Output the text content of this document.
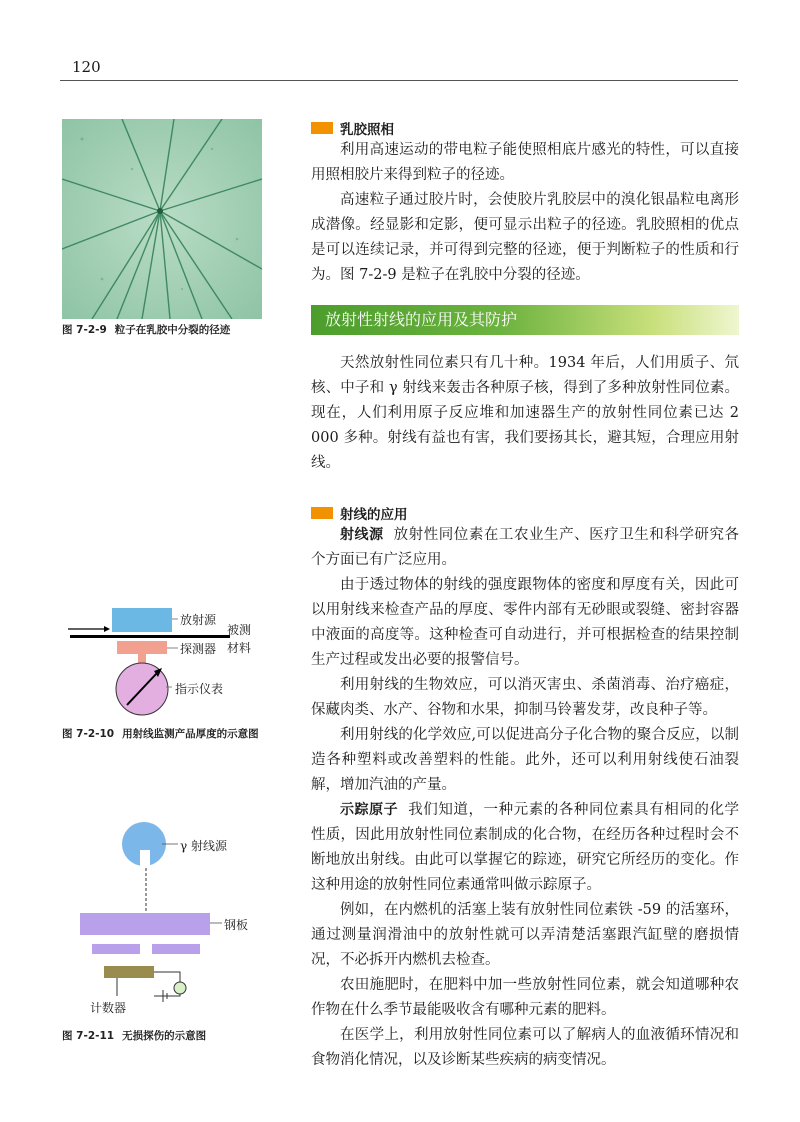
120
图 7-2-9 粒子在乳胶中分裂的径迹
放射源
被测
材料
探测器
指示仪表
图 7-2-10 用射线监测产品厚度的示意图
γ 射线源
钢板
计数器
图 7-2-11 无损探伤的示意图
乳胶照相

利用高速运动的带电粒子能使照相底片感光的特性，可以直接用照相胶片来得到粒子的径迹。

高速粒子通过胶片时，会使胶片乳胶层中的溴化银晶粒电离形成潜像。经显影和定影，便可显示出粒子的径迹。乳胶照相的优点是可以连续记录，并可得到完整的径迹，便于判断粒子的性质和行为。图 7-2-9 是粒子在乳胶中分裂的径迹。

放射性射线的应用及其防护

天然放射性同位素只有几十种。1934 年后，人们用质子、氘核、中子和 γ 射线来轰击各种原子核，得到了多种放射性同位素。现在，人们利用原子反应堆和加速器生产的放射性同位素已达 2 000 多种。射线有益也有害，我们要扬其长，避其短，合理应用射线。

射线的应用

射线源 放射性同位素在工农业生产、医疗卫生和科学研究各个方面已有广泛应用。

由于透过物体的射线的强度跟物体的密度和厚度有关，因此可以用射线来检查产品的厚度、零件内部有无砂眼或裂缝、密封容器中液面的高度等。这种检查可自动进行，并可根据检查的结果控制生产过程或发出必要的报警信号。

利用射线的生物效应，可以消灭害虫、杀菌消毒、治疗癌症，保藏肉类、水产、谷物和水果，抑制马铃薯发芽，改良种子等。

利用射线的化学效应,可以促进高分子化合物的聚合反应，以制造各种塑料或改善塑料的性能。此外，还可以利用射线使石油裂解，增加汽油的产量。

示踪原子 我们知道，一种元素的各种同位素具有相同的化学性质，因此用放射性同位素制成的化合物，在经历各种过程时会不断地放出射线。由此可以掌握它的踪迹，研究它所经历的变化。作这种用途的放射性同位素通常叫做示踪原子。

例如，在内燃机的活塞上装有放射性同位素铁 -59 的活塞环，通过测量润滑油中的放射性就可以弄清楚活塞跟汽缸壁的磨损情况，不必拆开内燃机去检查。

农田施肥时，在肥料中加一些放射性同位素，就会知道哪种农作物在什么季节最能吸收含有哪种元素的肥料。

在医学上，利用放射性同位素可以了解病人的血液循环情况和食物消化情况，以及诊断某些疾病的病变情况。
